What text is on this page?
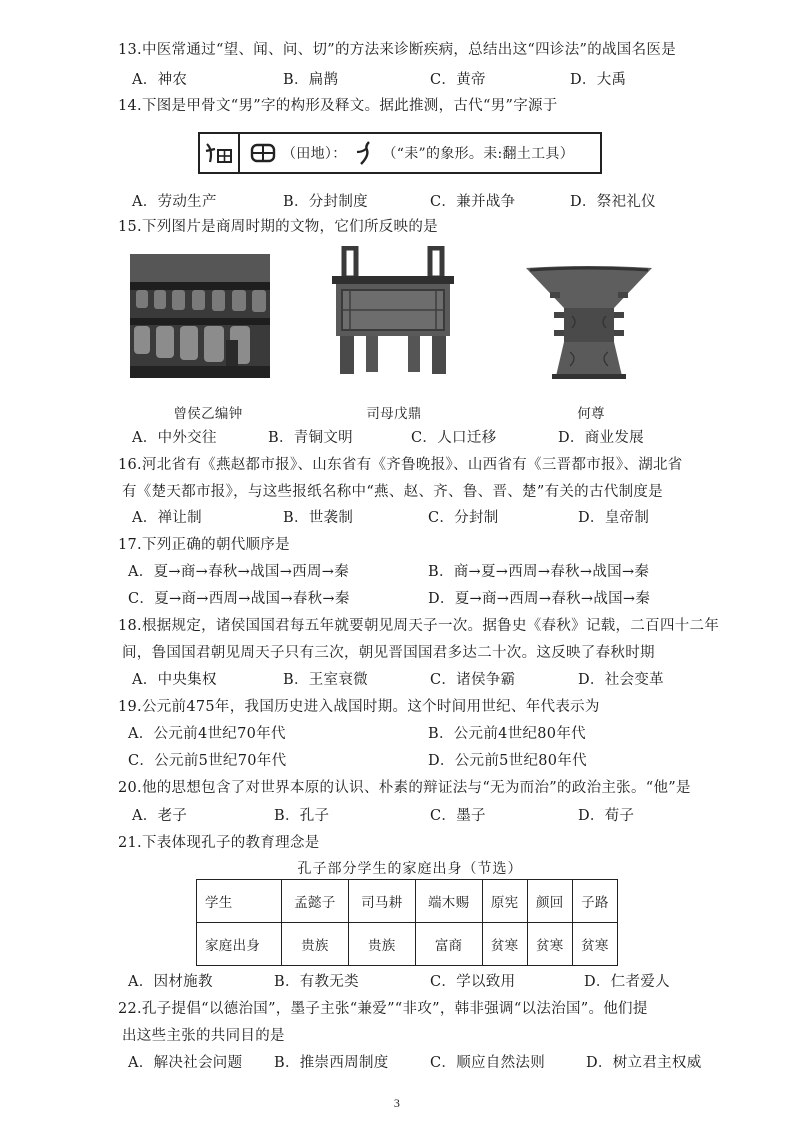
13.中医常通过“望、闻、问、切”的方法来诊断疾病，总结出这“四诊法”的战国名医是
A．神农	B．扁鹊	C．黄帝	D．大禹
14.下图是甲骨文“男”字的构形及释文。据此推测，古代“男”字源于
（田地）：	（“耒”的象形。耒:翻土工具）
A．劳动生产	B．分封制度	C．兼并战争	D．祭祀礼仪
15.下列图片是商周时期的文物，它们所反映的是
曾侯乙编钟	司母戊鼎	何尊
A．中外交往	B．青铜文明	C．人口迁移	D．商业发展
16.河北省有《燕赵都市报》、山东省有《齐鲁晚报》、山西省有《三晋都市报》、湖北省
有《楚天都市报》，与这些报纸名称中“燕、赵、齐、鲁、晋、楚”有关的古代制度是
A．禅让制	B．世袭制	C．分封制	D．皇帝制
17.下列正确的朝代顺序是
A．夏→商→春秋→战国→西周→秦	B．商→夏→西周→春秋→战国→秦
C．夏→商→西周→战国→春秋→秦	D．夏→商→西周→春秋→战国→秦
18.根据规定，诸侯国国君每五年就要朝见周天子一次。据鲁史《春秋》记载，二百四十二年
间，鲁国国君朝见周天子只有三次，朝见晋国国君多达二十次。这反映了春秋时期
A．中央集权	B．王室衰微	C．诸侯争霸	D．社会变革
19.公元前475年，我国历史进入战国时期。这个时间用世纪、年代表示为
A．公元前4世纪70年代	B．公元前4世纪80年代
C．公元前5世纪70年代	D．公元前5世纪80年代
20.他的思想包含了对世界本原的认识、朴素的辩证法与“无为而治”的政治主张。“他”是
A．老子	B．孔子	C．墨子	D．荀子
21.下表体现孔子的教育理念是
孔子部分学生的家庭出身（节选）
学生	孟懿子	司马耕	端木赐	原宪	颜回	子路
家庭出身	贵族	贵族	富商	贫寒	贫寒	贫寒
A．因材施教	B．有教无类	C．学以致用	D．仁者爱人
22.孔子提倡“以德治国”，墨子主张“兼爱”“非攻”，韩非强调“以法治国”。他们提
出这些主张的共同目的是
A．解决社会问题 B．推崇西周制度	C．顺应自然法则	D．树立君主权威
3
